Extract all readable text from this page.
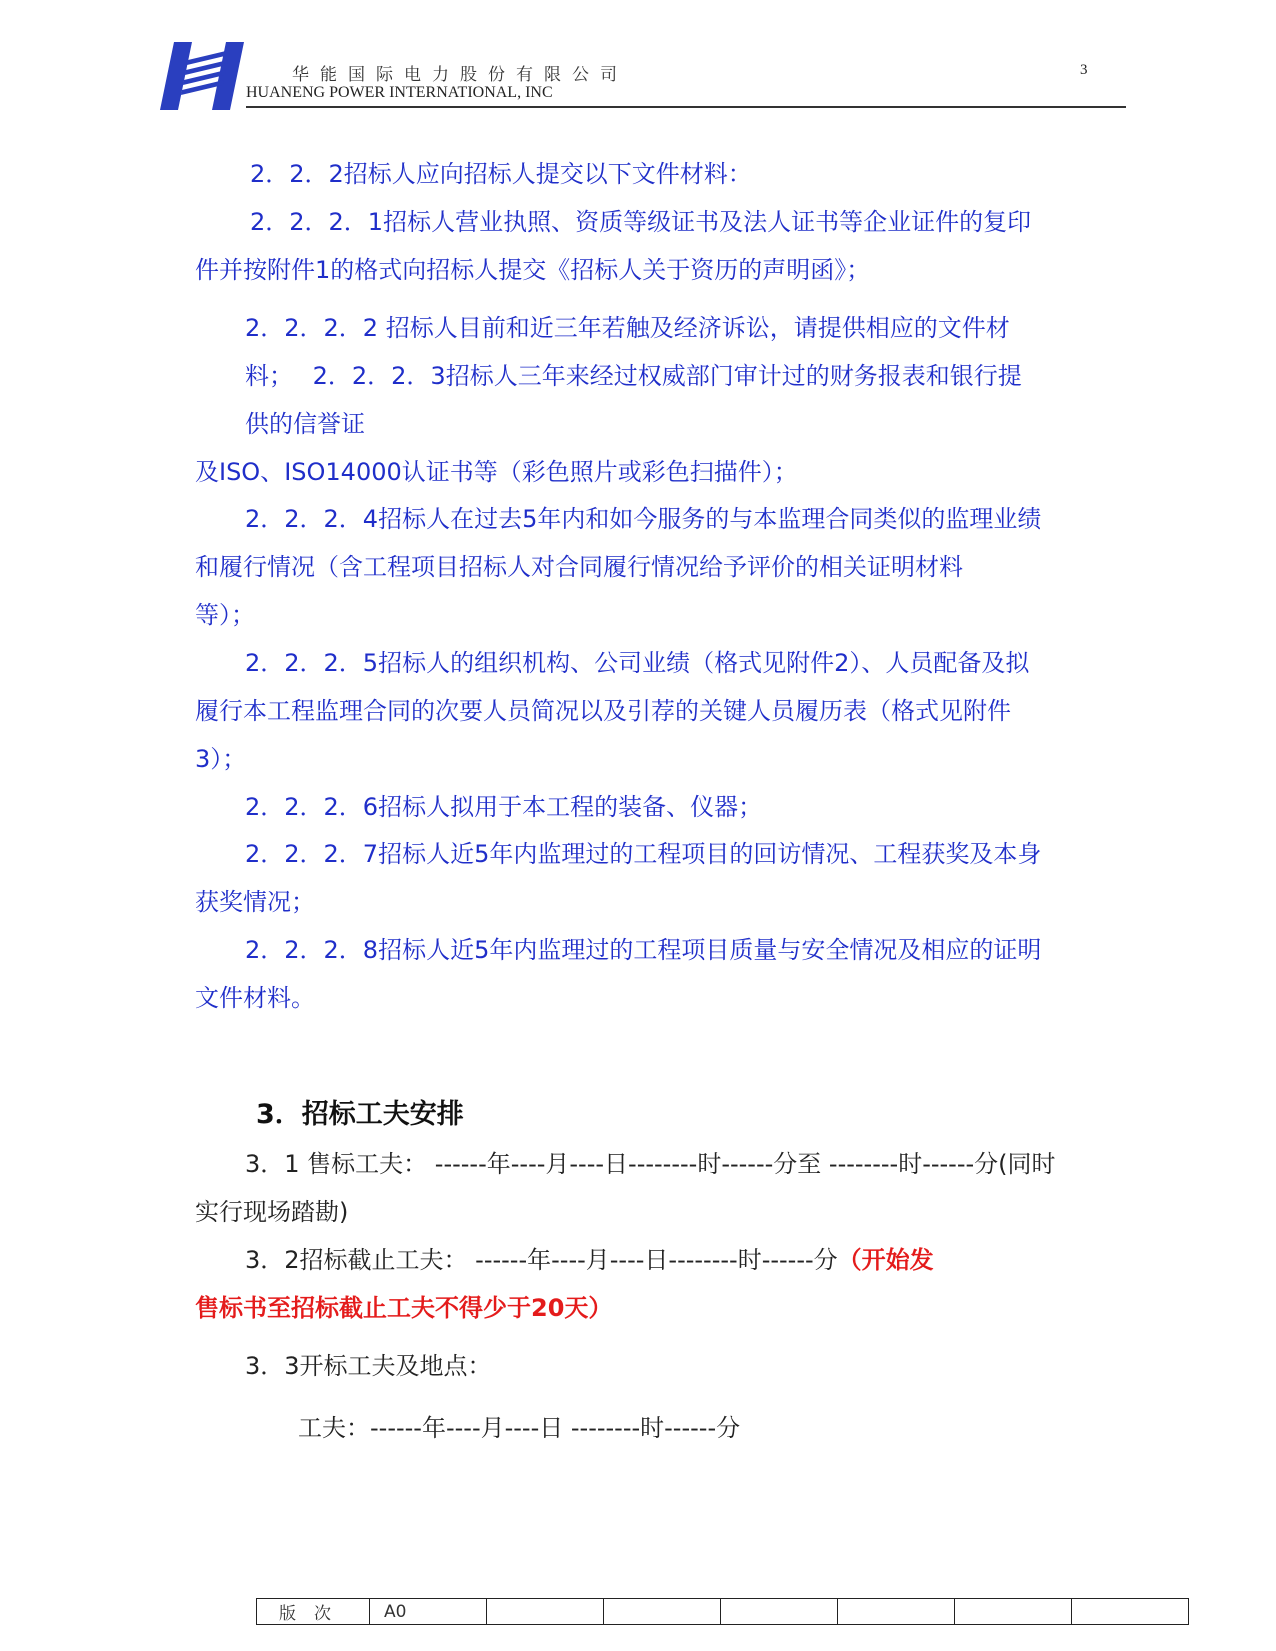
华能国际电力股份有限公司
HUANENG POWER INTERNATIONAL, INC
3
2．2．2招标人应向招标人提交以下文件材料：
2．2．2．1招标人营业执照、资质等级证书及法人证书等企业证件的复印
件并按附件1的格式向招标人提交《招标人关于资历的声明函》；
2．2．2．2 招标人目前和近三年若触及经济诉讼，请提供相应的文件材
料；　 2．2．2．3招标人三年来经过权威部门审计过的财务报表和银行提
供的信誉证
及ISO、ISO14000认证书等（彩色照片或彩色扫描件）；
2．2．2．4招标人在过去5年内和如今服务的与本监理合同类似的监理业绩
和履行情况（含工程项目招标人对合同履行情况给予评价的相关证明材料
等）；
2．2．2．5招标人的组织机构、公司业绩（格式见附件2）、人员配备及拟
履行本工程监理合同的次要人员简况以及引荐的关键人员履历表（格式见附件
3）；
2．2．2．6招标人拟用于本工程的装备、仪器；
2．2．2．7招标人近5年内监理过的工程项目的回访情况、工程获奖及本身
获奖情况；
2．2．2．8招标人近5年内监理过的工程项目质量与安全情况及相应的证明
文件材料。
3．招标工夫安排
3．1 售标工夫： ------年----月----日--------时------分至 --------时------分(同时
实行现场踏勘)
3．2招标截止工夫： ------年----月----日--------时------分（开始发
售标书至招标截止工夫不得少于20天）
3．3开标工夫及地点：
工夫：------年----月----日 --------时------分
版次	A0						
